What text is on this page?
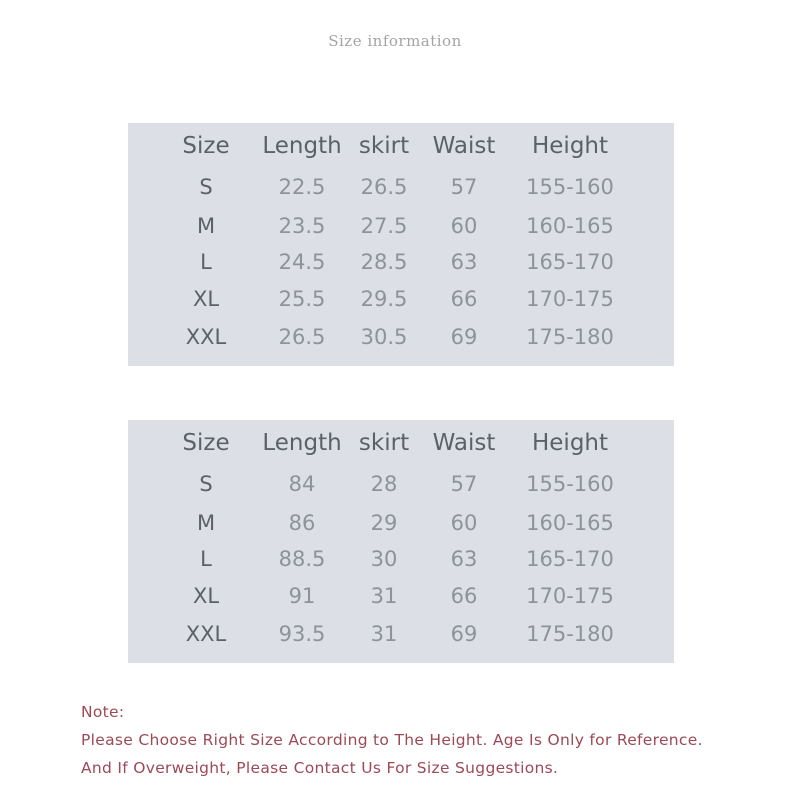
Size information
Size Length skirt Waist Height
S	22.5 26.5 57 155-160
M	23.5 27.5 60 160-165
L	24.5 28.5 63 165-170
XL	25.5 29.5 66 170-175
XXL 26.5 30.5 69 175-180
Size Length skirt Waist Height
S	84	28	57 155-160
M	86	29	60 160-165
L	88.5 30	63 165-170
XL	91	31	66 170-175
XXL 93.5 31	69 175-180
Note:
Please Choose Right Size According to The Height. Age Is Only for Reference.
And If Overweight, Please Contact Us For Size Suggestions.
